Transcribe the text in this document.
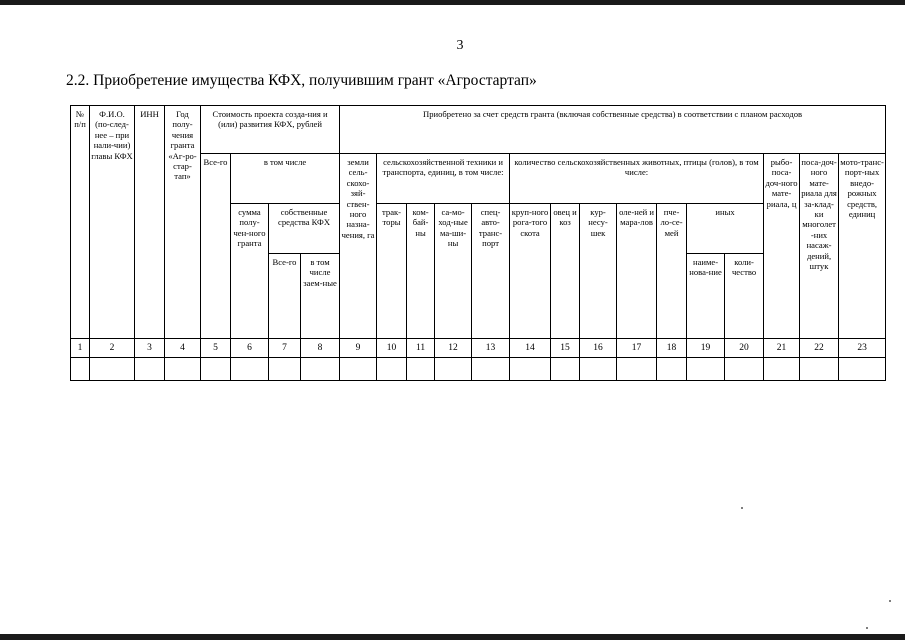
3
2.2. Приобретение имущества КФХ, получившим грант «Агростартап»
№ п/п	Ф.И.О. (по-след-нее – при нали-чии) главы КФХ	ИНН	Год полу-чения гранта «Аг-ро-стар-тап»	Стоимость проекта созда-ния и (или) развития КФХ, рублей				Приобретено за счет средств гранта (включая собственные средства) в соответствии с планом расходов														
				Все-го	в том числе			земли сель-скохо-зяй-ствен-ного назна-чения, га	сельскохозяйственной техники и транспорта, единиц, в том числе:				количество сельскохозяйственных животных, птицы (голов), в том числе:							рыбо-посa-доч-ного мате-риала, ц	поса-доч-ного мате-риала для за-клад-ки многолет-них насаж-дений, штук	мото-транс-порт-ных внедо-рожных средств, единиц
					сумма полу-чен-ного гранта	собственные средства КФХ			трак-торы	ком-бай-ны	са-мо-ход-ные ма-ши-ны	спец-авто-транс-порт	круп-ного рога-того скота	овец и коз	кур-несу-шек	оле-ней и мара-лов	пче-ло-се-мей	иных				
						Все-го	в том числе заем-ные											наиме-нова-ние	коли-чество			
1	2	3	4	5	6	7	8	9	10	11	12	13	14	15	16	17	18	19	20	21	22	23
